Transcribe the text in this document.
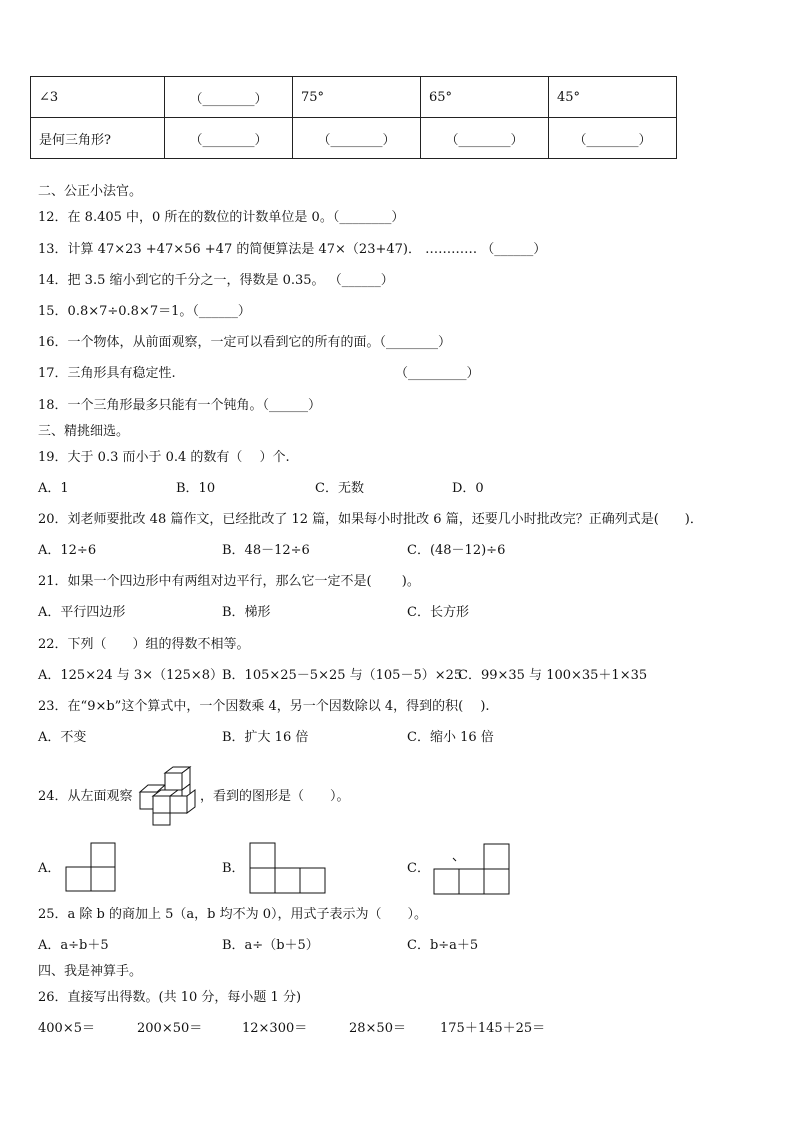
∠3	（________）	75°	65°	45°
是何三角形?	（________）	（________）	（________）	（________）
二、公正小法官。
12．在 8.405 中，0 所在的数位的计数单位是 0。（________）
13．计算 47×23 +47×56 +47 的简便算法是 47×（23+47)． ………… （______）
14．把 3.5 缩小到它的千分之一，得数是 0.35。 （______）
15．0.8×7÷0.8×7＝1。（______）
16．一个物体，从前面观察，一定可以看到它的所有的面。（________）
17．三角形具有稳定性.	（_________）
18．一个三角形最多只能有一个钝角。（______）
三、精挑细选。
19．大于 0.3 而小于 0.4 的数有（　 ）个.
A．1	B．10	C．无数	D．0
20．刘老师要批改 48 篇作文，已经批改了 12 篇，如果每小时批改 6 篇，还要几小时批改完？正确列式是(　　)．
A．12÷6	B．48－12÷6	C．(48－12)÷6
21．如果一个四边形中有两组对边平行，那么它一定不是(　　 )。
A．平行四边形	B．梯形	C．长方形
22．下列（　　）组的得数不相等。
A．125×24 与 3×（125×8）
B．105×25－5×25 与（105－5）×25
C．99×35 与 100×35＋1×35
23．在“9×b”这个算式中，一个因数乘 4，另一个因数除以 4，得到的积(　 ).
A．不变	B．扩大 16 倍	C．缩小 16 倍
24．从左面观察	，看到的图形是（　　）。
A．	B．	C．
25．a 除 b 的商加上 5（a，b 均不为 0），用式子表示为（　　）。
A．a÷b＋5	B．a÷（b＋5）	C．b÷a＋5
四、我是神算手。
26．直接写出得数。(共 10 分，每小题 1 分)
400×5＝	200×50＝	12×300＝	28×50＝	175＋145＋25＝
